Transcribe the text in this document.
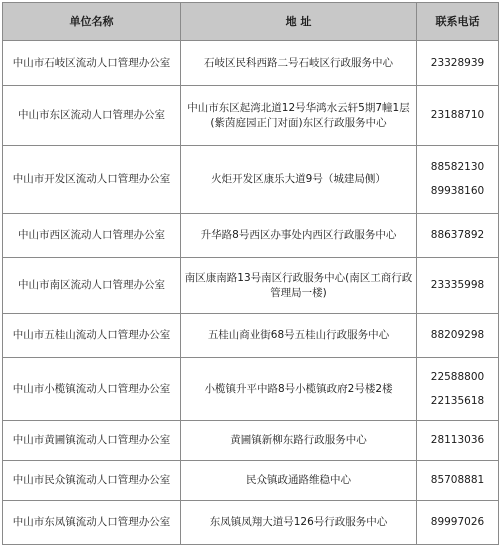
单位名称	地 址	联系电话
中山市石岐区流动人口管理办公室	石岐区民科西路二号石岐区行政服务中心	23328939

中山市东区流动人口管理办公室	中山市东区起湾北道12号华鸿水云轩5期7幢1层(紫茵庭园正门对面)东区行政服务中心	23188710

中山市开发区流动人口管理办公室	火炬开发区康乐大道9号（城建局侧）	88582130
89938160

中山市西区流动人口管理办公室	升华路8号西区办事处内西区行政服务中心	88637892

中山市南区流动人口管理办公室	南区康南路13号南区行政服务中心(南区工商行政管理局一楼)	23335998

中山市五桂山流动人口管理办公室	五桂山商业街68号五桂山行政服务中心	88209298

中山市小榄镇流动人口管理办公室	小榄镇升平中路8号小榄镇政府2号楼2楼	22588800
22135618

中山市黄圃镇流动人口管理办公室	黄圃镇新柳东路行政服务中心	28113036

中山市民众镇流动人口管理办公室	民众镇政通路维稳中心	85708881

中山市东凤镇流动人口管理办公室	东凤镇凤翔大道号126号行政服务中心	89997026
